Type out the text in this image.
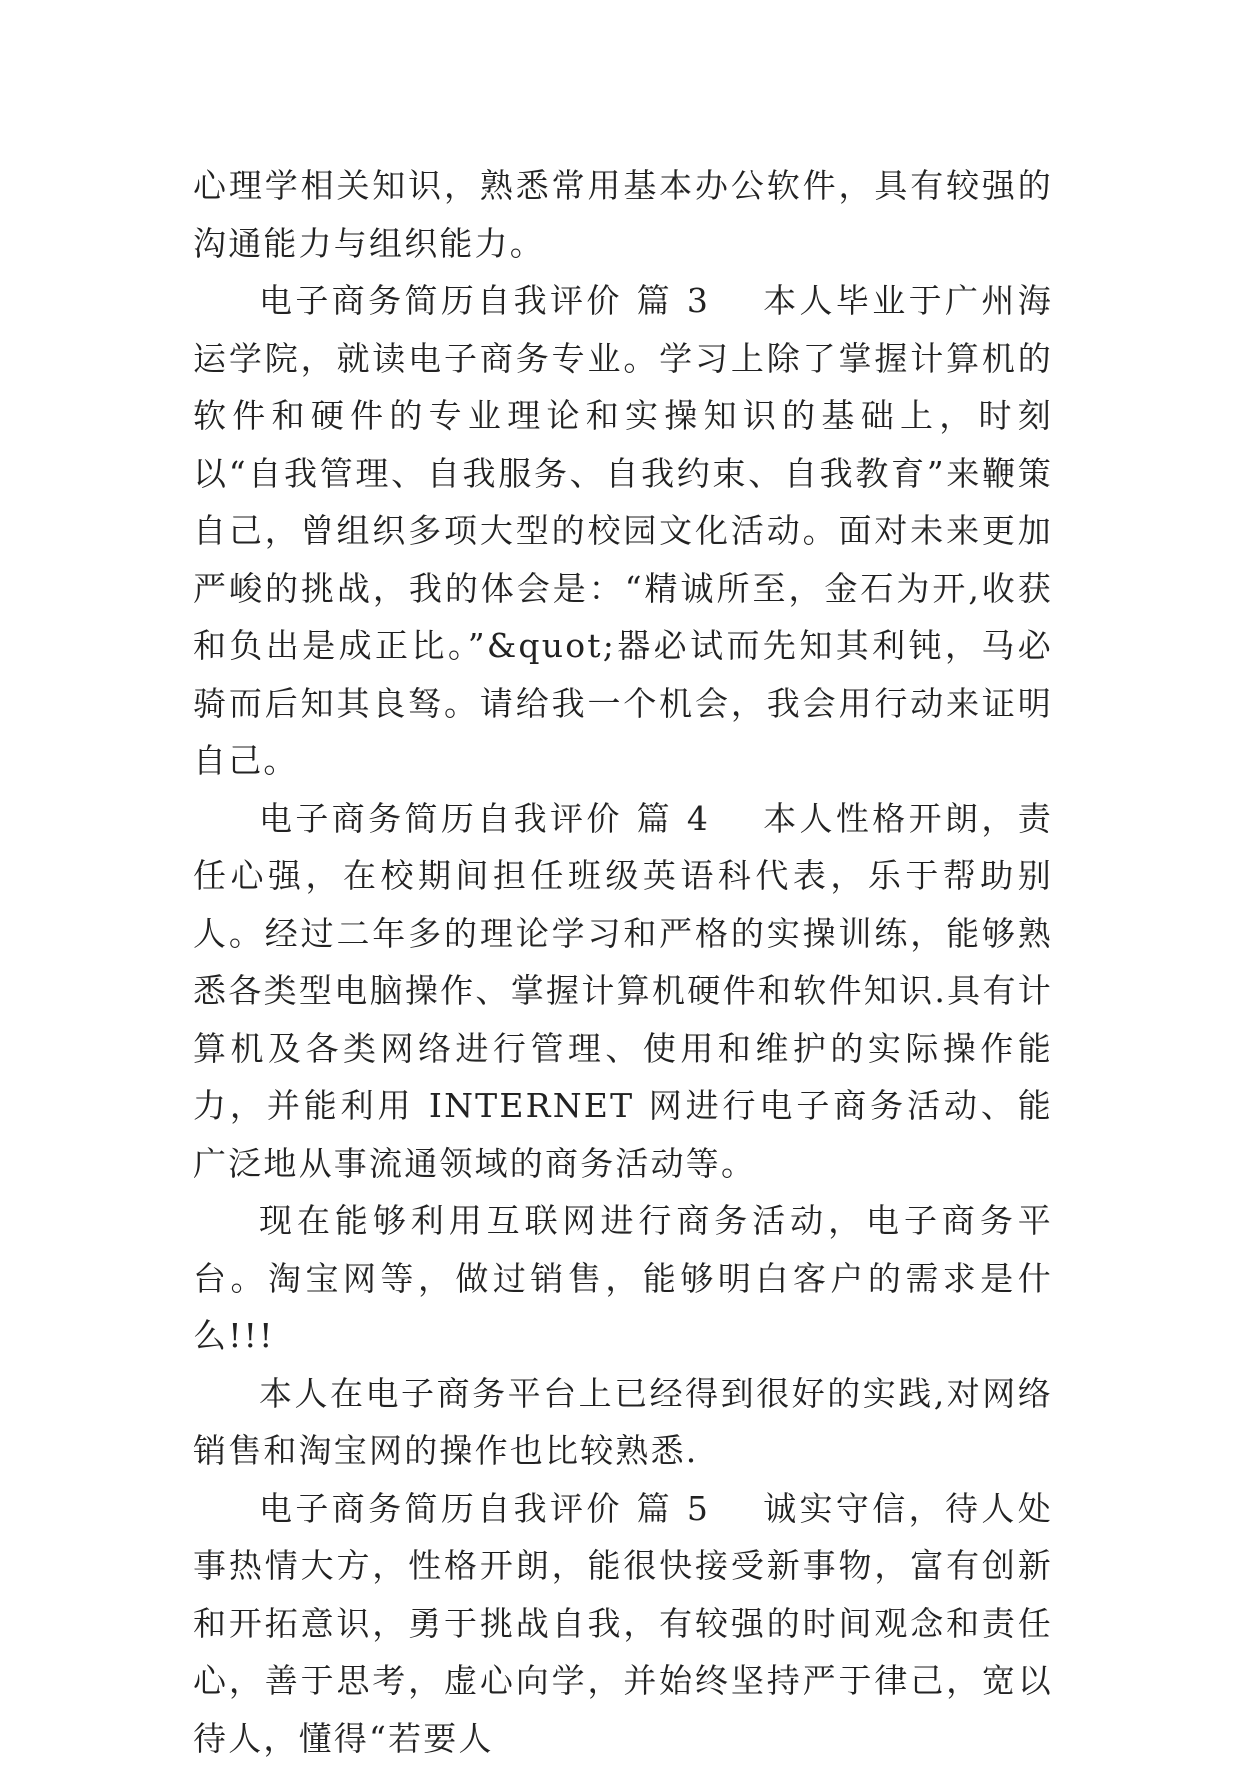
心理学相关知识，熟悉常用基本办公软件，具有较强的沟通能力与组织能力。

电子商务简历自我评价 篇 3 本人毕业于广州海运学院，就读电子商务专业。学习上除了掌握计算机的软件和硬件的专业理论和实操知识的基础上，时刻以“自我管理、自我服务、自我约束、自我教育”来鞭策自己，曾组织多项大型的校园文化活动。面对未来更加严峻的挑战，我的体会是：“精诚所至，金石为开,收获和负出是成正比。”&quot;器必试而先知其利钝，马必骑而后知其良驽。请给我一个机会，我会用行动来证明自己。

电子商务简历自我评价 篇 4 本人性格开朗，责任心强，在校期间担任班级英语科代表，乐于帮助别人。经过二年多的理论学习和严格的实操训练，能够熟悉各类型电脑操作、掌握计算机硬件和软件知识.具有计算机及各类网络进行管理、使用和维护的实际操作能力，并能利用 INTERNET 网进行电子商务活动、能广泛地从事流通领域的商务活动等。

现在能够利用互联网进行商务活动，电子商务平台。淘宝网等，做过销售，能够明白客户的需求是什么!!!

本人在电子商务平台上已经得到很好的实践,对网络销售和淘宝网的操作也比较熟悉.

电子商务简历自我评价 篇 5 诚实守信，待人处事热情大方，性格开朗，能很快接受新事物，富有创新和开拓意识，勇于挑战自我，有较强的时间观念和责任心，善于思考，虚心向学，并始终坚持严于律己，宽以待人，懂得“若要人
